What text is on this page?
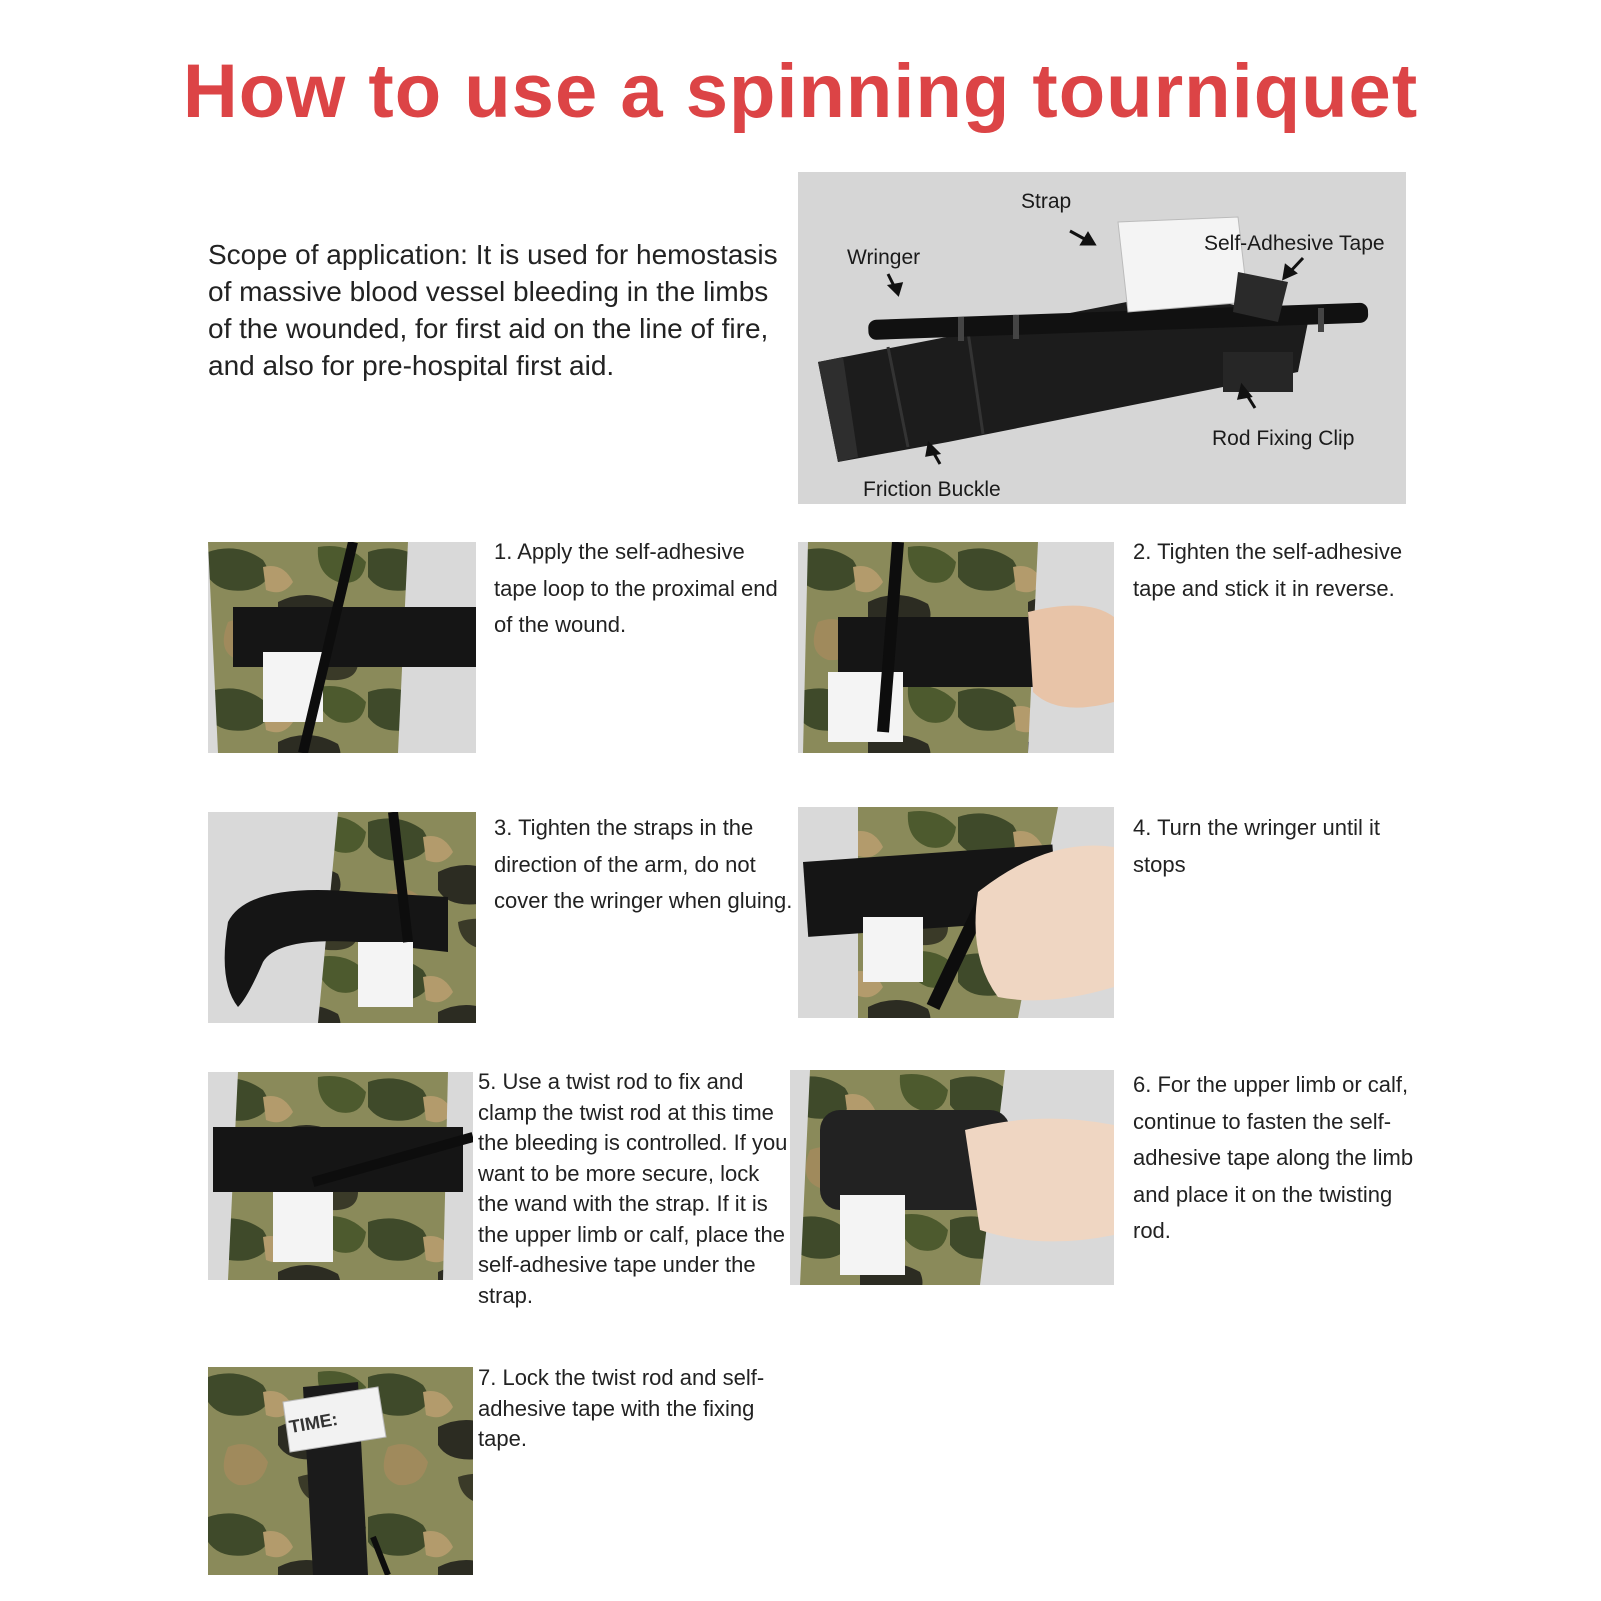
How to use a spinning tourniquet
Scope of application: It is used for hemostasis of massive blood vessel bleeding in the limbs of the wounded, for first aid on the line of fire, and also for pre-hospital first aid.
Strap
Wringer
Self-Adhesive Tape
Rod Fixing Clip
Friction Buckle
1. Apply the self-adhesive tape loop to the proximal end of the wound.
2. Tighten the self-adhesive tape and stick it in reverse.
3. Tighten the straps in the direction of the arm, do not cover the wringer when gluing.
4. Turn the wringer until it stops
5. Use a twist rod to fix and clamp the twist rod at this time the bleeding is controlled. If you want to be more secure, lock the wand with the strap. If it is the upper limb or calf, place the self-adhesive tape under the strap.
6. For the upper limb or calf, continue to fasten the self-adhesive tape along the limb and place it on the twisting rod.
TIME:
7. Lock the twist rod and self-adhesive tape with the fixing tape.
